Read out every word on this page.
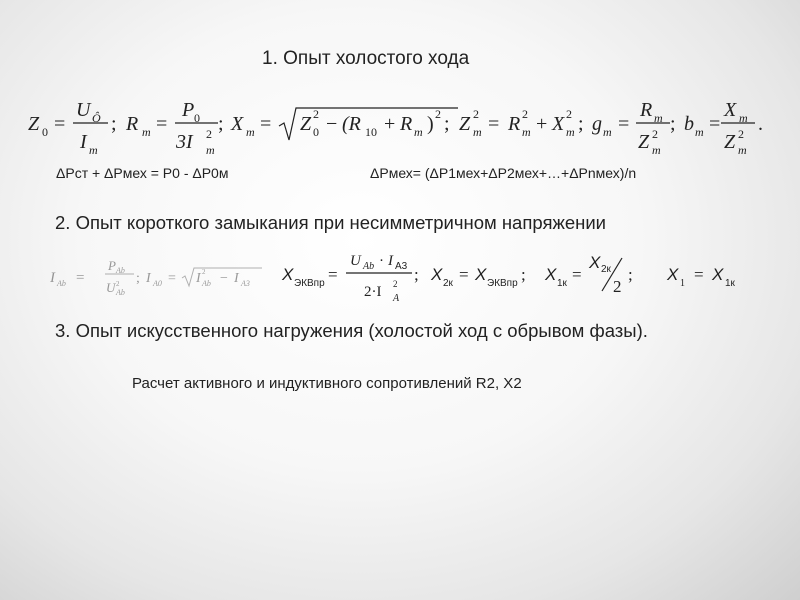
1. Опыт холостого хода
Z 0 =
U Ô
I m
; R m =
P 0
3I 2
m
; X m = Z 2
0 − (R 10 + R m ) 2 ; Z 2
m = R 2
m + X 2
m ; g m =
R m
Z 2
m
; b m =
X m
Z 2
m
.
ΔPст + ΔPмех = P0 - ΔP0м	ΔPмех= (ΔP1мех+ΔP2мех+…+ΔPnмех)/n
2. Опыт короткого замыкания при несимметричном напряжении
I Ab =
P Ab
U 2
Ab
; I A0 = I 2
Ab − I A3 X ЭКВпр =
U Ab · I A3
2·I 2
A
; X 2к = X ЭКВпр ; X 1к =
X 2к
2
; X 1 = X 1к
3. Опыт искусственного нагружения (холостой ход с обрывом фазы).
Расчет активного и индуктивного сопротивлений R2, X2
